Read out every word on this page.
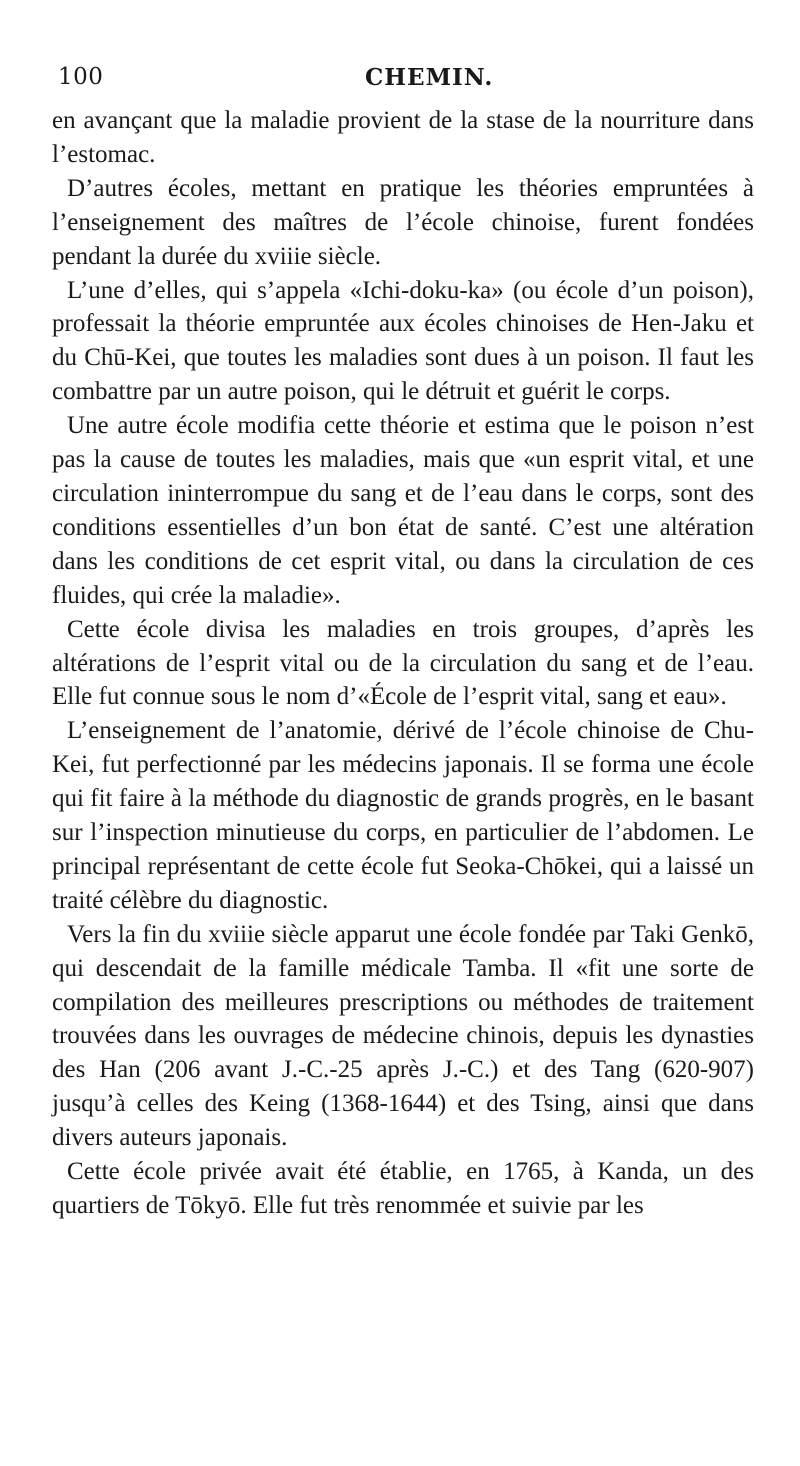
100	CHEMIN.

en avançant que la maladie provient de la stase de la nourriture dans l’estomac.

D’autres écoles, mettant en pratique les théories empruntées à l’enseignement des maîtres de l’école chinoise, furent fondées pendant la durée du xviiie siècle.

L’une d’elles, qui s’appela «Ichi-doku-ka» (ou école d’un poison), professait la théorie empruntée aux écoles chinoises de Hen-Jaku et du Chū-Kei, que toutes les maladies sont dues à un poison. Il faut les combattre par un autre poison, qui le détruit et guérit le corps.

Une autre école modifia cette théorie et estima que le poison n’est pas la cause de toutes les maladies, mais que «un esprit vital, et une circulation ininterrompue du sang et de l’eau dans le corps, sont des conditions essentielles d’un bon état de santé. C’est une altération dans les conditions de cet esprit vital, ou dans la circulation de ces fluides, qui crée la maladie».

Cette école divisa les maladies en trois groupes, d’après les altérations de l’esprit vital ou de la circulation du sang et de l’eau. Elle fut connue sous le nom d’«École de l’esprit vital, sang et eau».

L’enseignement de l’anatomie, dérivé de l’école chinoise de Chu-Kei, fut perfectionné par les médecins japonais. Il se forma une école qui fit faire à la méthode du diagnostic de grands progrès, en le basant sur l’inspection minutieuse du corps, en particulier de l’abdomen. Le principal représentant de cette école fut Seoka-Chōkei, qui a laissé un traité célèbre du diagnostic.

Vers la fin du xviiie siècle apparut une école fondée par Taki Genkō, qui descendait de la famille médicale Tamba. Il «fit une sorte de compilation des meilleures prescriptions ou méthodes de traitement trouvées dans les ouvrages de médecine chinois, depuis les dynasties des Han (206 avant J.-C.-25 après J.-C.) et des Tang (620-907) jusqu’à celles des Keing (1368-1644) et des Tsing, ainsi que dans divers auteurs japonais.

Cette école privée avait été établie, en 1765, à Kanda, un des quartiers de Tōkyō. Elle fut très renommée et suivie par les
